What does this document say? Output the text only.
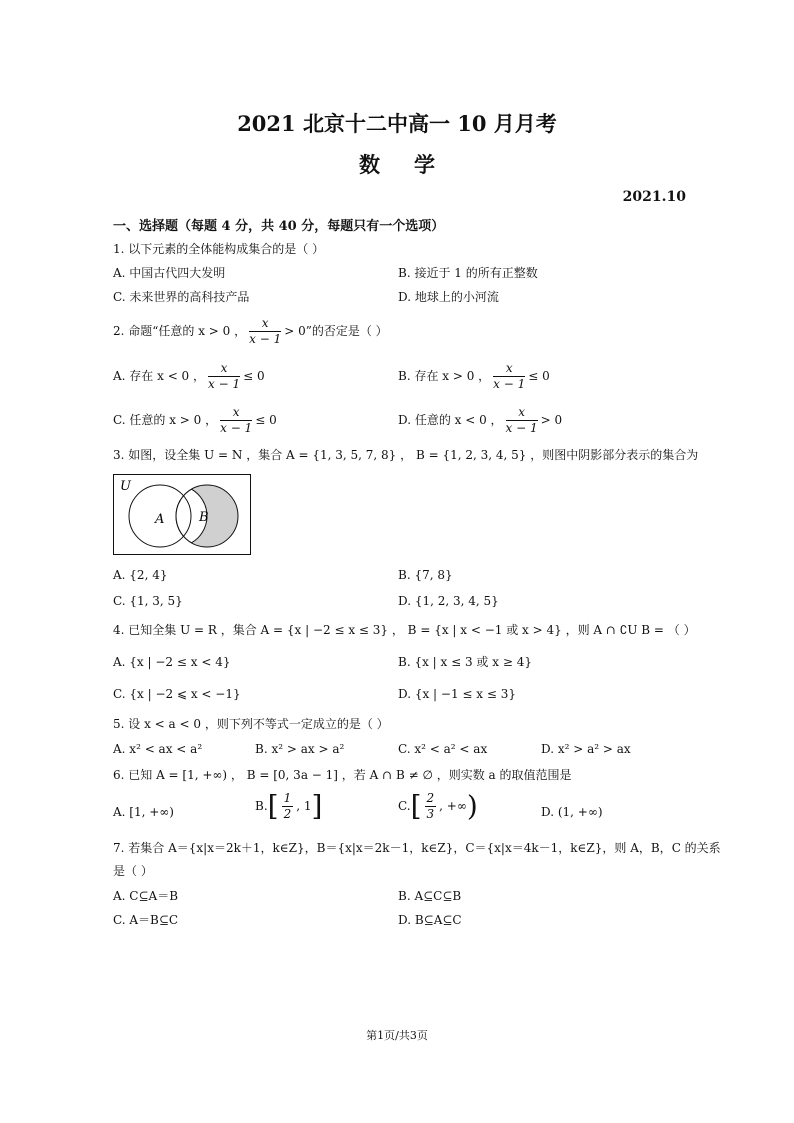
2021 北京十二中高一 10 月月考
数学
2021.10
一、选择题（每题 4 分，共 40 分，每题只有一个选项）
1. 以下元素的全体能构成集合的是（ ）
A. 中国古代四大发明	B. 接近于 1 的所有正整数
C. 未来世界的高科技产品	D. 地球上的小河流
2. 命题“任意的 x > 0 ， $\frac{x}{x - 1} > 0$”的否定是（ ）
A. 存在 x < 0 ， $\frac{x}{x - 1} \le 0$	B. 存在 x > 0 ， $\frac{x}{x - 1} \le 0$
C. 任意的 x > 0 ， $\frac{x}{x - 1} \le 0$	D. 任意的 x < 0 ， $\frac{x}{x - 1} > 0$
3. 如图，设全集 U = N ，集合 A = {1, 3, 5, 7, 8} ， B = {1, 2, 3, 4, 5} ，则图中阴影部分表示的集合为
U
A	B
A. {2, 4}	B. {7, 8}
C. {1, 3, 5}	D. {1, 2, 3, 4, 5}
4. 已知全集 U = R ，集合 A = {x | −2 ≤ x ≤ 3} ， B = {x | x < −1 或 x > 4} ，则 A ∩ ∁U B = （ ）
A. {x | −2 ≤ x < 4}	B. {x | x ≤ 3 或 x ≥ 4}
C. {x | −2 ⩽ x < −1}	D. {x | −1 ≤ x ≤ 3}
5. 设 x < a < 0 ，则下列不等式一定成立的是（ ）
A. x² < ax < a²	B. x² > ax > a²	C. x² < a² < ax	D. x² > a² > ax
6. 已知 A = [1, +∞) ， B = [0, 3a − 1] ，若 A ∩ B ≠ ∅ ，则实数 a 的取值范围是
A. [1, +∞)	$B.[ \frac{1}{2}$ , 1]	$C.[ \frac{2}{3}$ , +∞)	D. (1, +∞)
7. 若集合 A＝{x|x＝2k＋1，k∈Z}，B＝{x|x＝2k－1，k∈Z}，C＝{x|x＝4k－1，k∈Z}，则 A，B，C 的关系
是（ ）
A. C⊆A＝B	B. A⊆C⊆B
C. A＝B⊆C	D. B⊆A⊆C
第1页/共3页
